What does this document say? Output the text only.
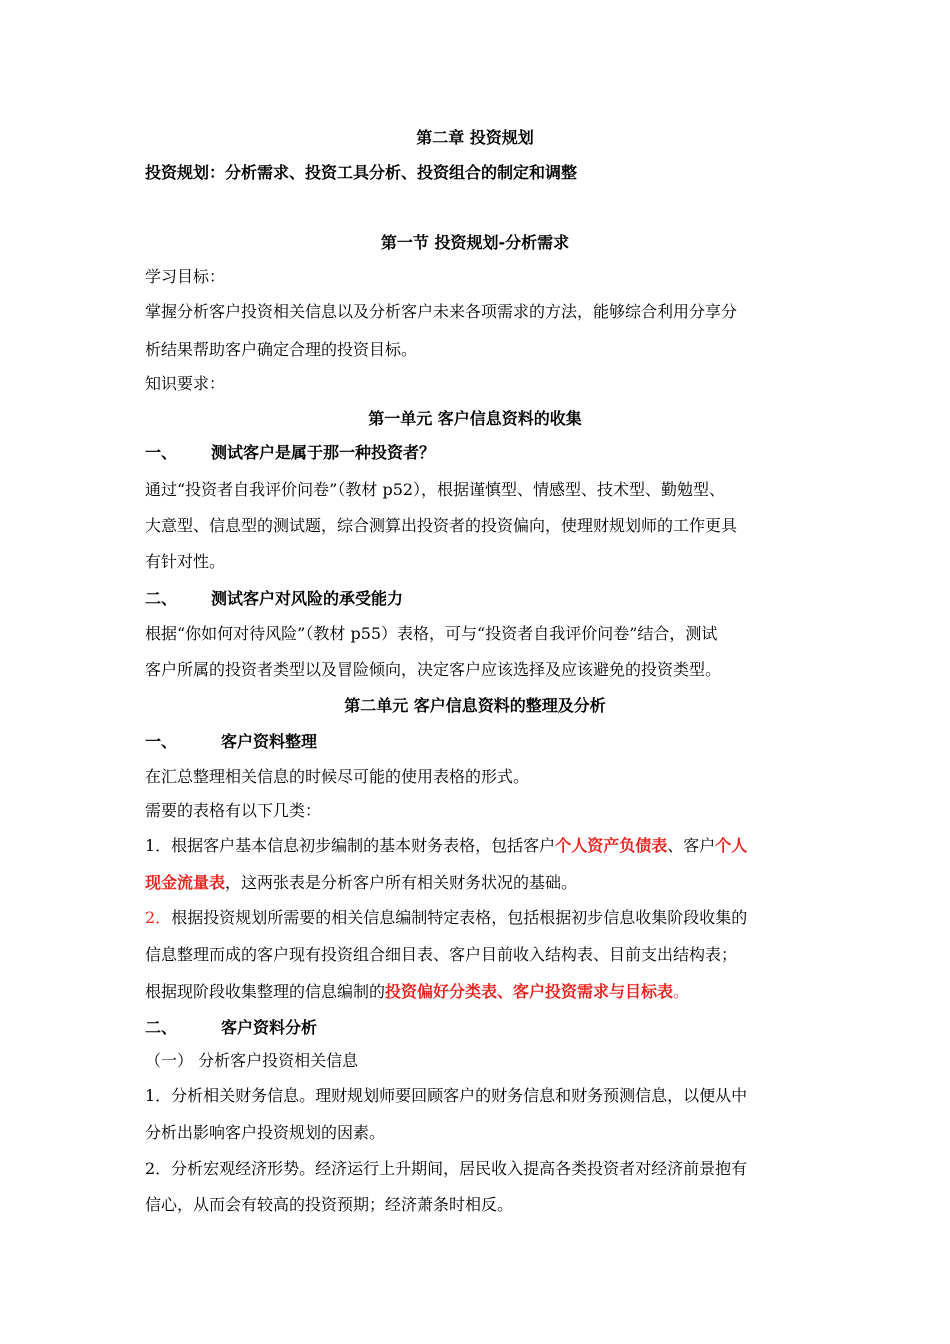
第二章 投资规划
投资规划：分析需求、投资工具分析、投资组合的制定和调整
第一节 投资规划-分析需求
学习目标：
掌握分析客户投资相关信息以及分析客户未来各项需求的方法，能够综合利用分享分
析结果帮助客户确定合理的投资目标。
知识要求：
第一单元 客户信息资料的收集
一、 测试客户是属于那一种投资者？
通过“投资者自我评价问卷”（教材 p52），根据谨慎型、情感型、技术型、勤勉型、
大意型、信息型的测试题，综合测算出投资者的投资偏向，使理财规划师的工作更具
有针对性。
二、 测试客户对风险的承受能力
根据“你如何对待风险”（教材 p55）表格，可与“投资者自我评价问卷”结合，测试
客户所属的投资者类型以及冒险倾向，决定客户应该选择及应该避免的投资类型。
第二单元 客户信息资料的整理及分析
一、	客户资料整理
在汇总整理相关信息的时候尽可能的使用表格的形式。
需要的表格有以下几类：
1．根据客户基本信息初步编制的基本财务表格，包括客户个人资产负债表、客户个人
现金流量表，这两张表是分析客户所有相关财务状况的基础。
2．根据投资规划所需要的相关信息编制特定表格，包括根据初步信息收集阶段收集的
信息整理而成的客户现有投资组合细目表、客户目前收入结构表、目前支出结构表；
根据现阶段收集整理的信息编制的投资偏好分类表、客户投资需求与目标表。
二、	客户资料分析
（一） 分析客户投资相关信息
1．分析相关财务信息。理财规划师要回顾客户的财务信息和财务预测信息，以便从中
分析出影响客户投资规划的因素。
2．分析宏观经济形势。经济运行上升期间，居民收入提高各类投资者对经济前景抱有
信心，从而会有较高的投资预期；经济萧条时相反。
